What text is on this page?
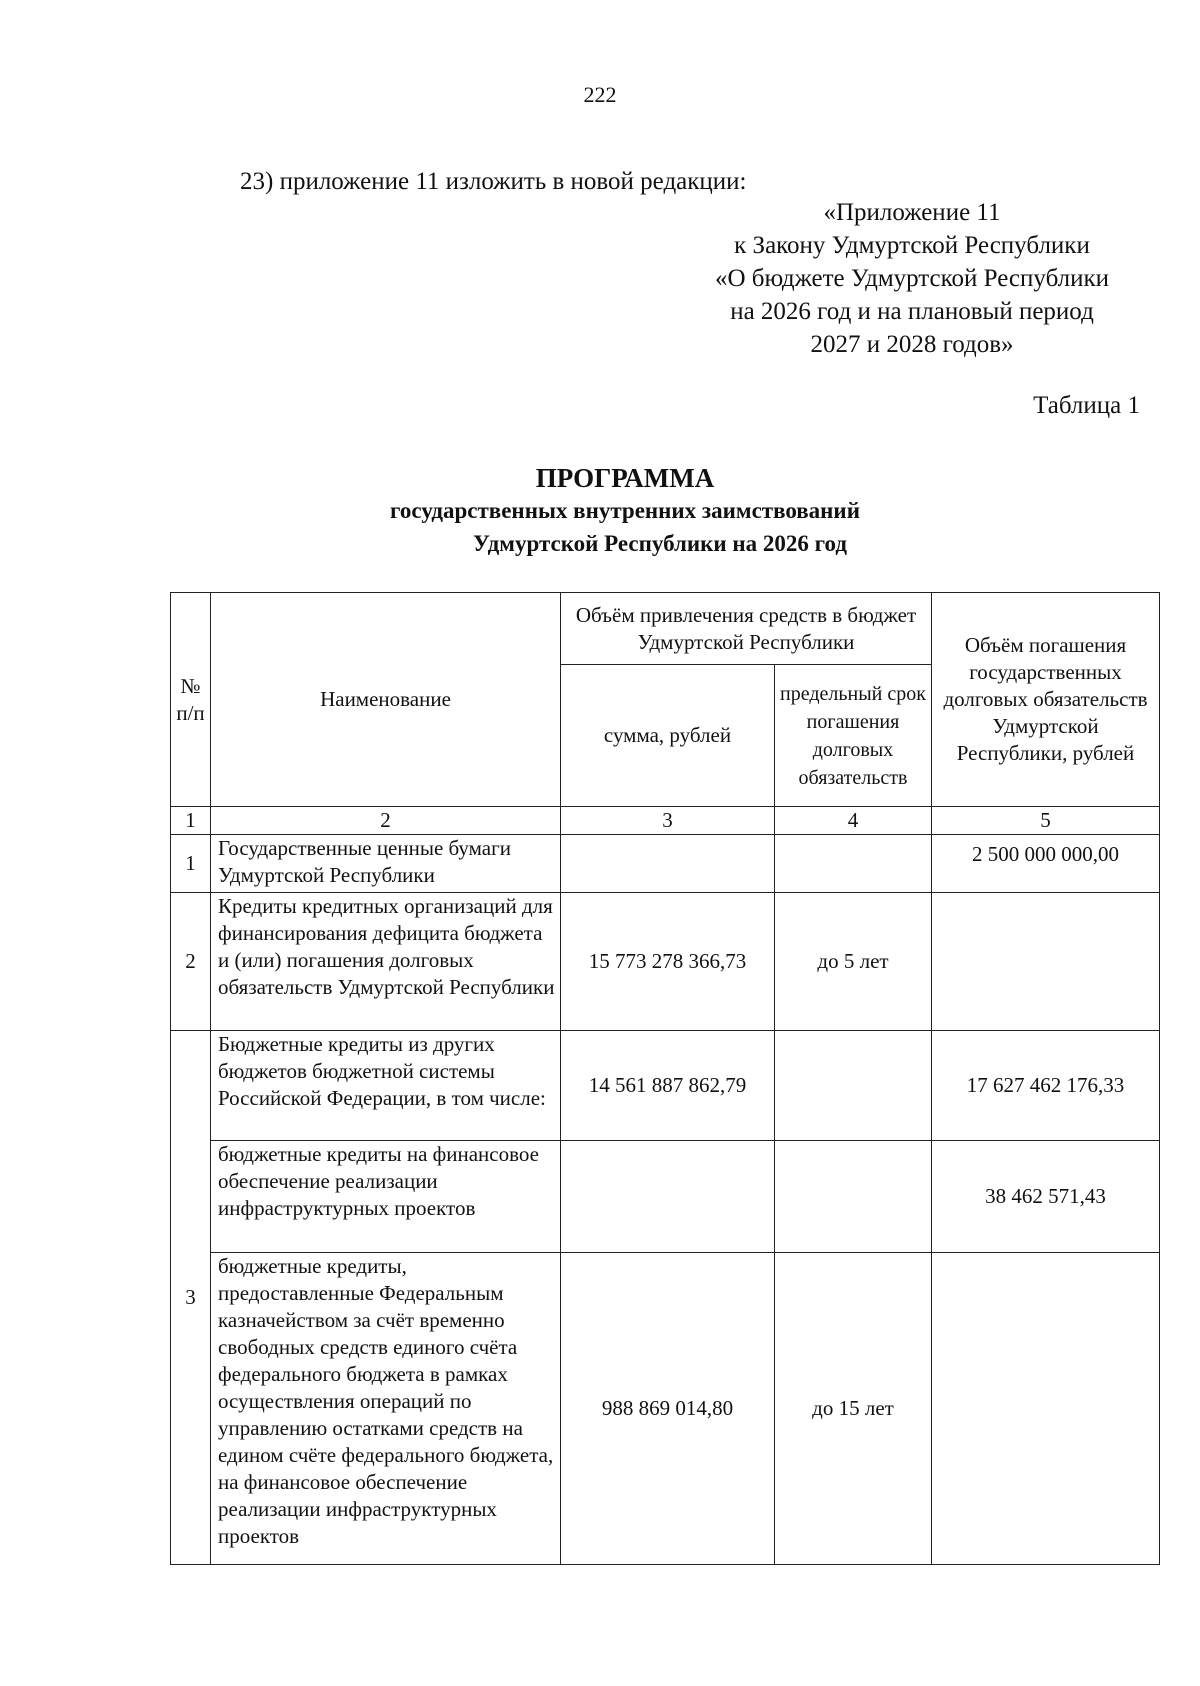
222
23) приложение 11 изложить в новой редакции:
«Приложение 11
к Закону Удмуртской Республики
«О бюджете Удмуртской Республики
на 2026 год и на плановый период
2027 и 2028 годов»
Таблица 1
ПРОГРАММА
государственных внутренних заимствований
Удмуртской Республики на 2026 год
№ п/п	Наименование	Объём привлечения средств в бюджет Удмуртской Республики		Объём погашения государственных долговых обязательств Удмуртской Республики, рублей
		сумма, рублей	предельный срок погашения долговых обязательств	
1	2	3	4	5
1	Государственные ценные бумаги Удмуртской Республики			2 500 000 000,00
2	Кредиты кредитных организаций для финансирования дефицита бюджета и (или) погашения долговых обязательств Удмуртской Республики	15 773 278 366,73	до 5 лет	
3	Бюджетные кредиты из других бюджетов бюджетной системы Российской Федерации, в том числе:	14 561 887 862,79		17 627 462 176,33
	бюджетные кредиты на финансовое обеспечение реализации инфраструктурных проектов			38 462 571,43
	бюджетные кредиты, предоставленные Федеральным казначейством за счёт временно свободных средств единого счёта федерального бюджета в рамках осуществления операций по управлению остатками средств на едином счёте федерального бюджета, на финансовое обеспечение реализации инфраструктурных проектов	988 869 014,80	до 15 лет	
